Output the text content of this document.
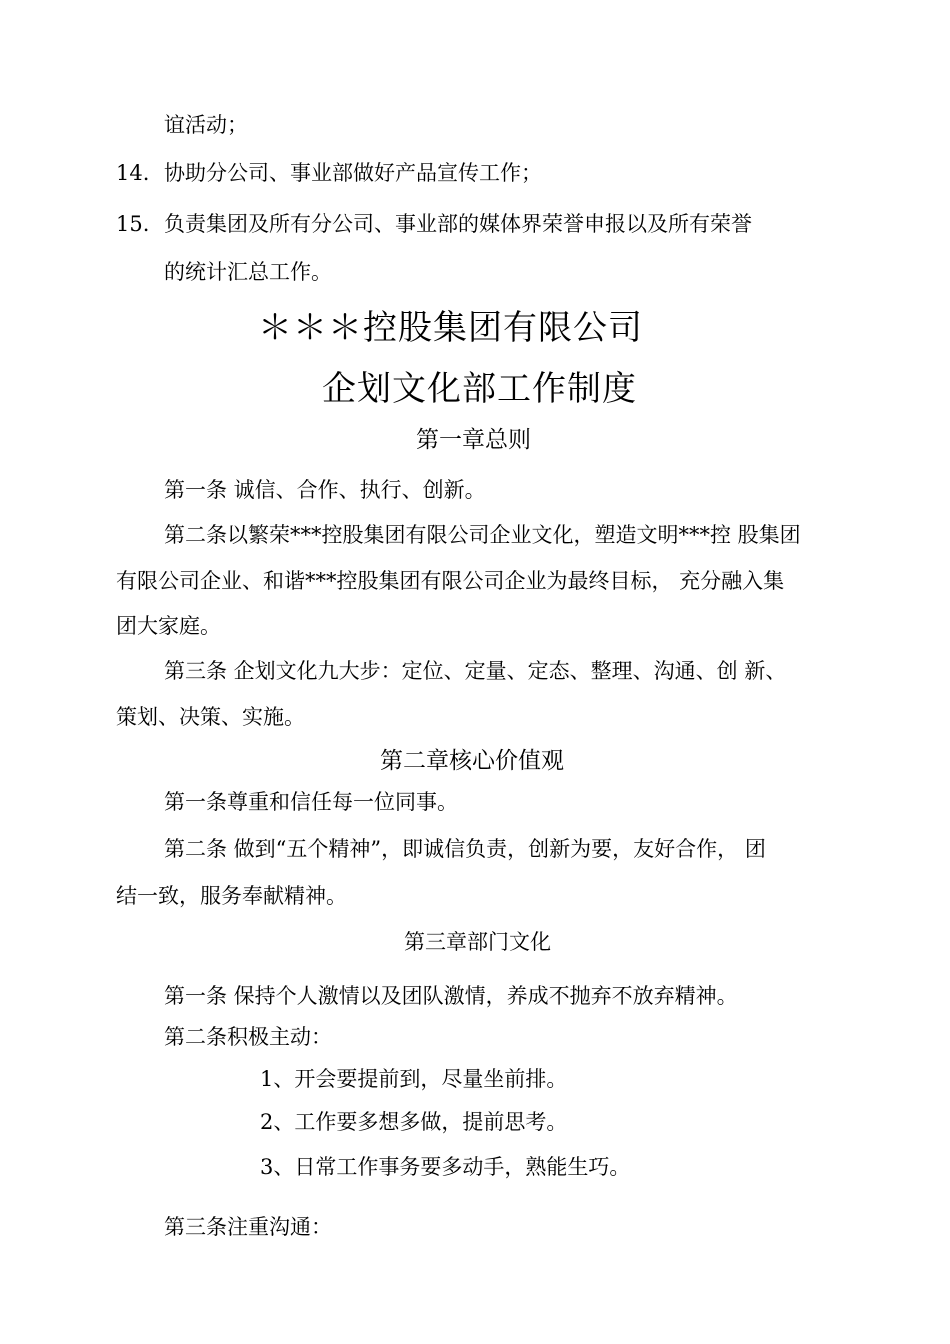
谊活动；
14. 协助分公司、事业部做好产品宣传工作；
15. 负责集团及所有分公司、事业部的媒体界荣誉申报以及所有荣誉
的统计汇总工作。
＊＊＊控股集团有限公司
企划文化部工作制度
第一章总则
第一条 诚信、合作、执行、创新。
第二条以繁荣***控股集团有限公司企业文化，塑造文明***控 股集团
有限公司企业、和谐***控股集团有限公司企业为最终目标， 充分融入集
团大家庭。
第三条 企划文化九大步：定位、定量、定态、整理、沟通、创 新、
策划、决策、实施。
第二章核心价值观
第一条尊重和信任每一位同事。
第二条 做到“五个精神”，即诚信负责，创新为要，友好合作， 团
结一致，服务奉献精神。
第三章部门文化
第一条 保持个人激情以及团队激情，养成不抛弃不放弃精神。
第二条积极主动：
1、开会要提前到，尽量坐前排。
2、工作要多想多做，提前思考。
3、日常工作事务要多动手，熟能生巧。
第三条注重沟通：
